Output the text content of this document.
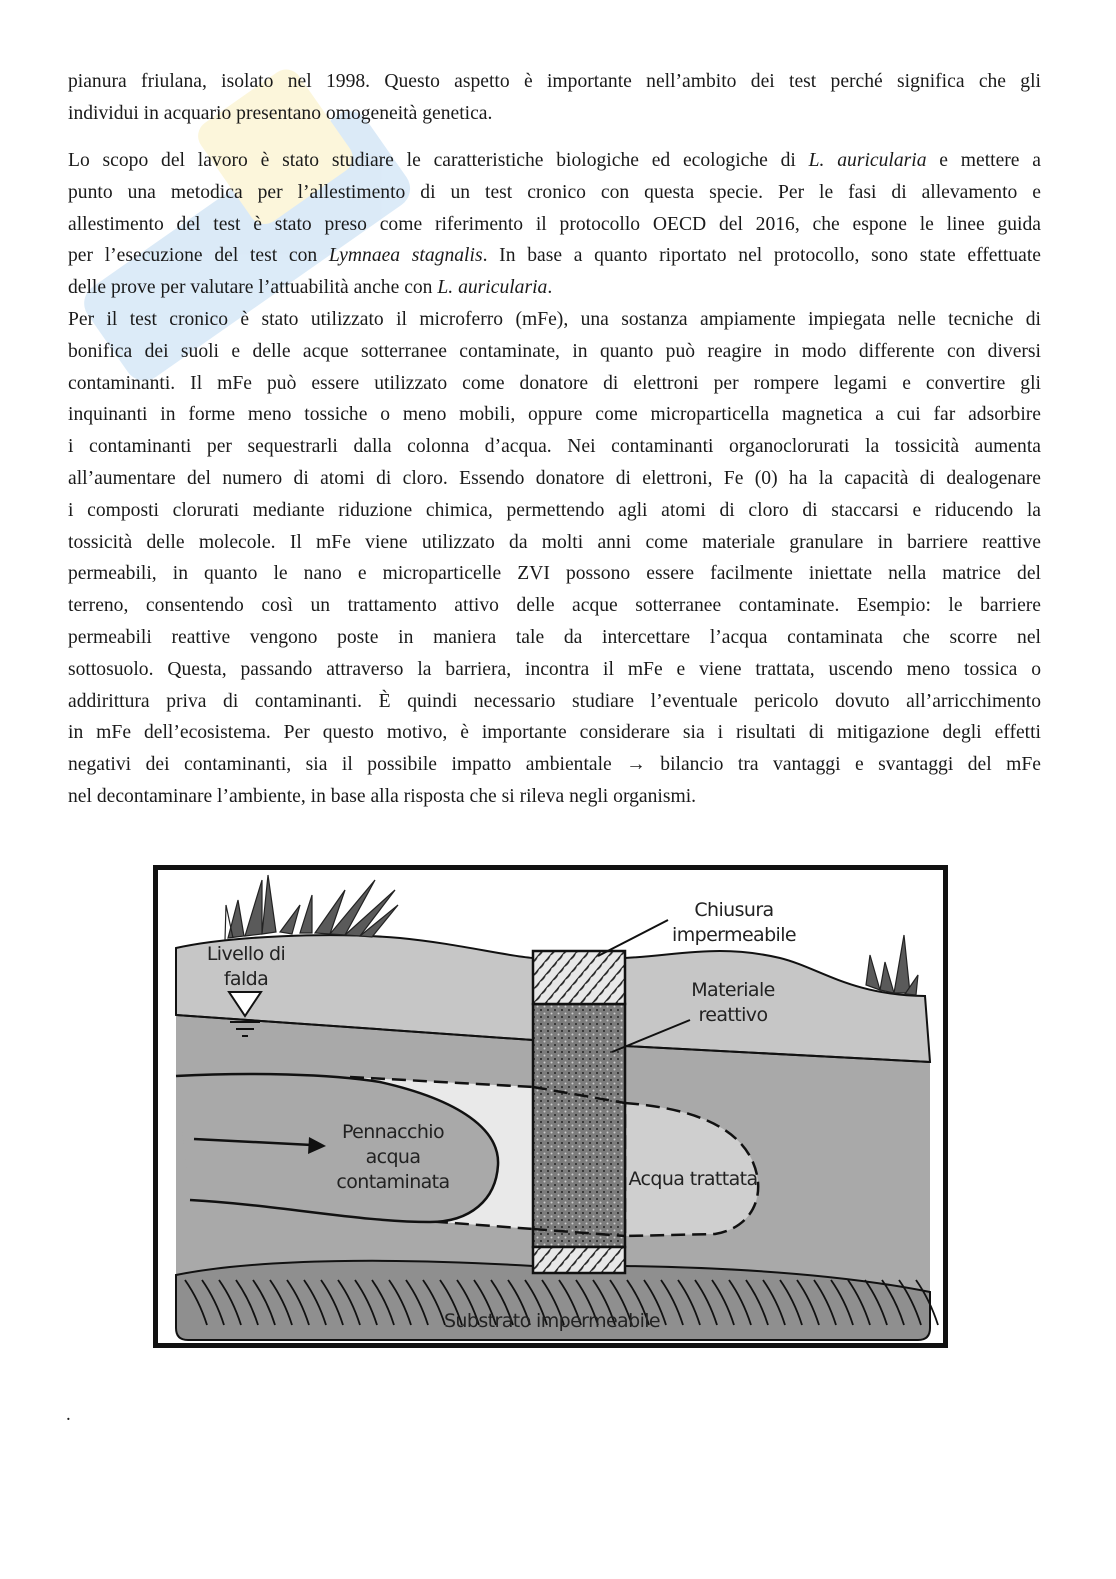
pianura friulana, isolato nel 1998. Questo aspetto è importante nell’ambito dei test perché significa che gli
individui in acquario presentano omogeneità genetica.
Lo scopo del lavoro è stato studiare le caratteristiche biologiche ed ecologiche di L. auricularia e mettere a
punto una metodica per l’allestimento di un test cronico con questa specie. Per le fasi di allevamento e
allestimento del test è stato preso come riferimento il protocollo OECD del 2016, che espone le linee guida
per l’esecuzione del test con Lymnaea stagnalis. In base a quanto riportato nel protocollo, sono state effettuate
delle prove per valutare l’attuabilità anche con L. auricularia.
Per il test cronico è stato utilizzato il microferro (mFe), una sostanza ampiamente impiegata nelle tecniche di
bonifica dei suoli e delle acque sotterranee contaminate, in quanto può reagire in modo differente con diversi
contaminanti. Il mFe può essere utilizzato come donatore di elettroni per rompere legami e convertire gli
inquinanti in forme meno tossiche o meno mobili, oppure come microparticella magnetica a cui far adsorbire
i contaminanti per sequestrarli dalla colonna d’acqua. Nei contaminanti organoclorurati la tossicità aumenta
all’aumentare del numero di atomi di cloro. Essendo donatore di elettroni, Fe (0) ha la capacità di dealogenare
i composti clorurati mediante riduzione chimica, permettendo agli atomi di cloro di staccarsi e riducendo la
tossicità delle molecole. Il mFe viene utilizzato da molti anni come materiale granulare in barriere reattive
permeabili, in quanto le nano e microparticelle ZVI possono essere facilmente iniettate nella matrice del
terreno, consentendo così un trattamento attivo delle acque sotterranee contaminate. Esempio: le barriere
permeabili reattive vengono poste in maniera tale da intercettare l’acqua contaminata che scorre nel
sottosuolo. Questa, passando attraverso la barriera, incontra il mFe e viene trattata, uscendo meno tossica o
addirittura priva di contaminanti. È quindi necessario studiare l’eventuale pericolo dovuto all’arricchimento
in mFe dell’ecosistema. Per questo motivo, è importante considerare sia i risultati di mitigazione degli effetti
negativi dei contaminanti, sia il possibile impatto ambientale → bilancio tra vantaggi e svantaggi del mFe
nel decontaminare l’ambiente, in base alla risposta che si rileva negli organismi.
.
Livello di
falda
Chiusura
impermeabile
Materiale
reattivo
Pennacchio
acqua
contaminata	Acqua trattata
Substrato impermeabile
